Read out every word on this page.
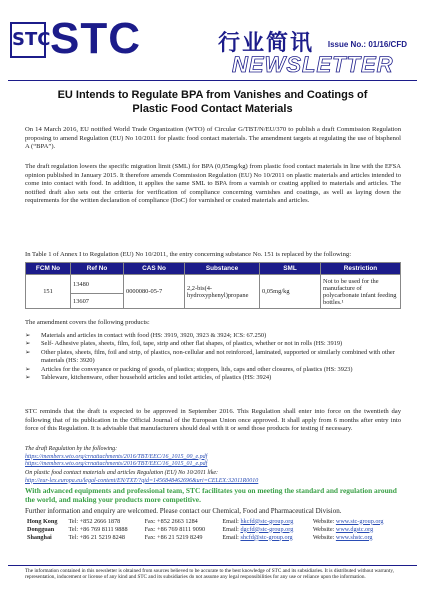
STC STC	行业简讯 Issue No.: 01/16/CFD
NEWSLETTER
EU Intends to Regulate BPA from Vanishes and Coatings of
Plastic Food Contact Materials
On 14 March 2016, EU notified World Trade Organization (WTO) of Circular G/TBT/N/EU/370 to publish a draft Commission Regulation proposing to amend Regulation (EU) No 10/2011 for plastic food contact materials. The amendment targets at regulating the use of bisphenol A (“BPA”).
The draft regulation lowers the specific migration limit (SML) for BPA (0,05mg/kg) from plastic food contact materials in line with the EFSA opinion published in January 2015. It therefore amends Commission Regulation (EU) No 10/2011 on plastic materials and articles intended to come into contact with food. In addition, it applies the same SML to BPA from a varnish or coating applied to materials and articles. The notified draft also sets out the criteria for verification of compliance concerning varnishes and coatings, as well as laying down the requirements for the written declaration of compliance (DoC) for varnished or coated materials and articles.
In Table 1 of Annex I to Regulation (EU) No 10/2011, the entry concerning substance No. 151 is replaced by the following:
FCM No	Ref No	CAS No	Substance	SML	Restriction
151	13480	0000080-05-7	2,2-bis(4-hydroxyphenyl)propane	0,05mg/kg	Not to be used for the manufacture of polycarbonate infant feeding bottles.¹
	13607				
The amendment covers the following products:
➢	Materials and articles in contact with food (HS: 3919, 3920, 3923 & 3924; ICS: 67.250)
➢	Self- Adhesive plates, sheets, film, foil, tape, strip and other flat shapes, of plastics, whether or not in rolls (HS: 3919)
➢	Other plates, sheets, film, foil and strip, of plastics, non-cellular and not reinforced, laminated, supported or similarly combined with other materials (HS: 3920)
➢	Articles for the conveyance or packing of goods, of plastics; stoppers, lids, caps and other closures, of plastics (HS: 3923)
➢	Tableware, kitchenware, other household articles and toilet articles, of plastics (HS: 3924)
STC reminds that the draft is expected to be approved in September 2016. This Regulation shall enter into force on the twentieth day following that of its publication in the Official Journal of the European Union once approved. It shall apply from 6 months after entry into force of this Regulation. It is advisable that manufacturers should deal with it or send those products for testing if necessary.
The draft Regulation by the following:
https://members.wto.org/crnattachments/2016/TBT/EEC/16_1015_00_e.pdf
https://members.wto.org/crnattachments/2016/TBT/EEC/16_1015_01_e.pdf
On plastic food contact materials and articles Regulation (EU) No 10/2011 like:
http://eur-lex.europa.eu/legal-content/EN/TXT/?qid=1456848462696&uri=CELEX:32011R0010
With advanced equipments and professional team, STC facilitates you on meeting the standard and regulation around the world, and making your products more competitive.
Further information and enquiry are welcomed. Please contact our Chemical, Food and Pharmaceutical Division.
Hong Kong	Tel: +852 2666 1878	Fax: +852 2663 1284	Email: hkcfd@stc-group.org	Website: www.stc-group.org
Dongguan	Tel: +86 769 8111 9888	Fax: +86 769 8111 9090	Email: dgcfd@stc-group.org	Website: www.dgstc.org
Shanghai	Tel: +86 21 5219 8248	Fax: +86 21 5219 8249	Email: shcfd@stc-group.org	Website: www.shstc.org
The information contained in this newsletter is obtained from sources believed to be accurate to the best knowledge of STC and its subsidiaries. It is distributed without warranty, representation, inducement or license of any kind and STC and its subsidiaries do not assume any legal responsibilities for any use or reliance upon the information.
